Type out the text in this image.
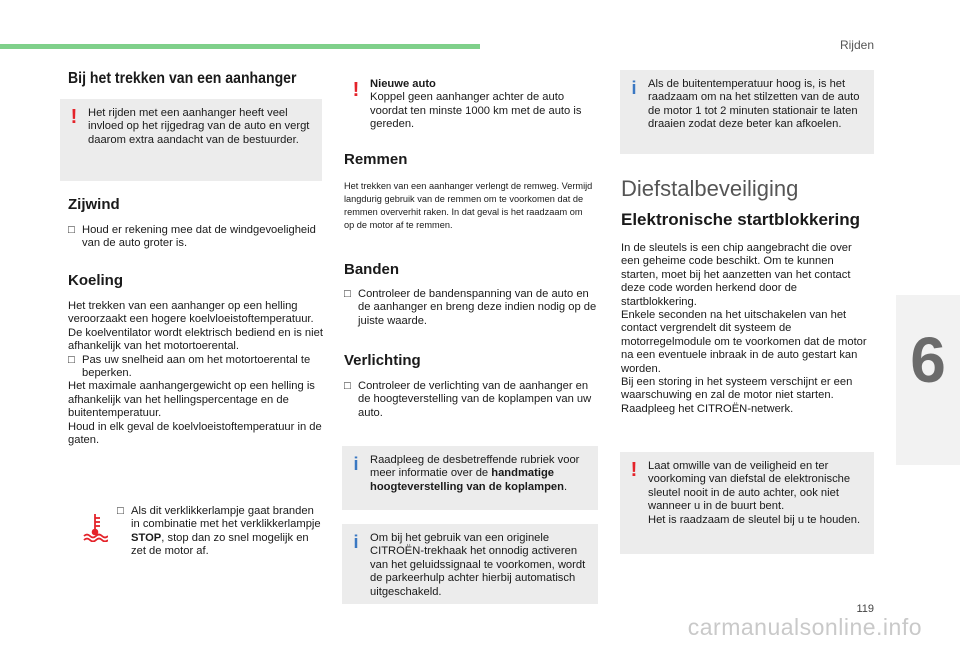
Rijden
6
119
carmanualsonline.info
Bij het trekken van een aanhanger
! Het rijden met een aanhanger heeft veel invloed op het rijgedrag van de auto en vergt daarom extra aandacht van de bestuurder.
Zijwind
□ Houd er rekening mee dat de windgevoeligheid van de auto groter is.
Koeling
Het trekken van een aanhanger op een helling veroorzaakt een hogere koelvloeistoftemperatuur.
De koelventilator wordt elektrisch bediend en is niet afhankelijk van het motortoerental.
□ Pas uw snelheid aan om het motortoerental te beperken.
Het maximale aanhangergewicht op een helling is afhankelijk van het hellingspercentage en de buitentemperatuur.
Houd in elk geval de koelvloeistoftemperatuur in de gaten.
□ Als dit verklikkerlampje gaat branden in combinatie met het verklikkerlampje STOP, stop dan zo snel mogelijk en zet de motor af.
! Nieuwe auto
Koppel geen aanhanger achter de auto voordat ten minste 1000 km met de auto is gereden.
Remmen
Het trekken van een aanhanger verlengt de remweg. Vermijd langdurig gebruik van de remmen om te voorkomen dat de remmen oververhit raken. In dat geval is het raadzaam om op de motor af te remmen.
Banden
□ Controleer de bandenspanning van de auto en de aanhanger en breng deze indien nodig op de juiste waarde.
Verlichting
□ Controleer de verlichting van de aanhanger en de hoogteverstelling van de koplampen van uw auto.
i	Raadpleeg de desbetreffende rubriek voor meer informatie over de handmatige hoogteverstelling van de koplampen.
i	Om bij het gebruik van een originele CITROËN-trekhaak het onnodig activeren van het geluidssignaal te voorkomen, wordt de parkeerhulp achter hierbij automatisch uitgeschakeld.
i	Als de buitentemperatuur hoog is, is het raadzaam om na het stilzetten van de auto de motor 1 tot 2 minuten stationair te laten draaien zodat deze beter kan afkoelen.
Diefstalbeveiliging
Elektronische startblokkering
In de sleutels is een chip aangebracht die over een geheime code beschikt. Om te kunnen starten, moet bij het aanzetten van het contact deze code worden herkend door de startblokkering.
Enkele seconden na het uitschakelen van het contact vergrendelt dit systeem de motorregelmodule om te voorkomen dat de motor na een eventuele inbraak in de auto gestart kan worden.
Bij een storing in het systeem verschijnt er een waarschuwing en zal de motor niet starten. Raadpleeg het CITROËN-netwerk.
! Laat omwille van de veiligheid en ter voorkoming van diefstal de elektronische sleutel nooit in de auto achter, ook niet wanneer u in de buurt bent.
Het is raadzaam de sleutel bij u te houden.
